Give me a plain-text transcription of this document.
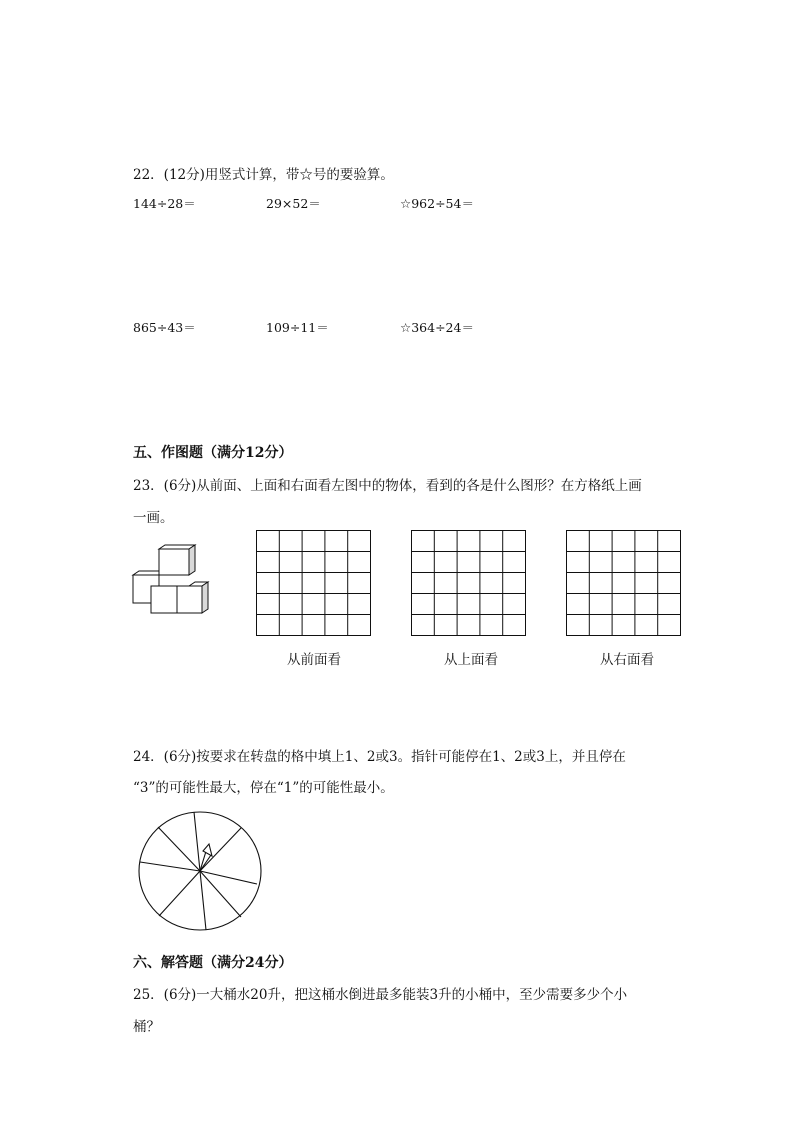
22．(12分)用竖式计算，带☆号的要验算。
144÷28＝	29×52＝	☆962÷54＝
865÷43＝	109÷11＝	☆364÷24＝
五、作图题（满分12分）
23．(6分)从前面、上面和右面看左图中的物体，看到的各是什么图形？在方格纸上画
一画。
从前面看	从上面看	从右面看
24．(6分)按要求在转盘的格中填上1、2或3。指针可能停在1、2或3上，并且停在
“3”的可能性最大，停在“1”的可能性最小。
六、解答题（满分24分）
25．(6分)一大桶水20升，把这桶水倒进最多能装3升的小桶中，至少需要多少个小
桶？
